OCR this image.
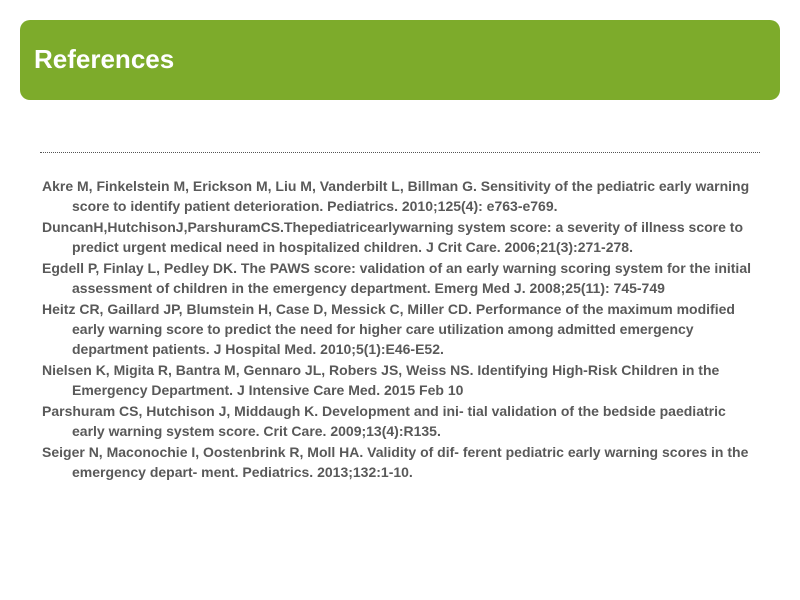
References
Akre M, Finkelstein M, Erickson M, Liu M, Vanderbilt L, Billman G. Sensitivity of the pediatric early warning score to identify patient deterioration. Pediatrics. 2010;125(4): e763-e769.
DuncanH,HutchisonJ,ParshuramCS.Thepediatricearlywarning system score: a severity of illness score to predict urgent medical need in hospitalized children. J Crit Care. 2006;21(3):271-278.
Egdell P, Finlay L, Pedley DK. The PAWS score: validation of an early warning scoring system for the initial assessment of children in the emergency department. Emerg Med J. 2008;25(11): 745-749
Heitz CR, Gaillard JP, Blumstein H, Case D, Messick C, Miller CD. Performance of the maximum modified early warning score to predict the need for higher care utilization among admitted emergency department patients. J Hospital Med. 2010;5(1):E46-E52.
Nielsen K, Migita R, Bantra M, Gennaro JL, Robers JS, Weiss NS. Identifying High-Risk Children in the Emergency Department. J Intensive Care Med. 2015 Feb 10
Parshuram CS, Hutchison J, Middaugh K. Development and ini- tial validation of the bedside paediatric early warning system score. Crit Care. 2009;13(4):R135.
Seiger N, Maconochie I, Oostenbrink R, Moll HA. Validity of dif- ferent pediatric early warning scores in the emergency depart- ment. Pediatrics. 2013;132:1-10.
